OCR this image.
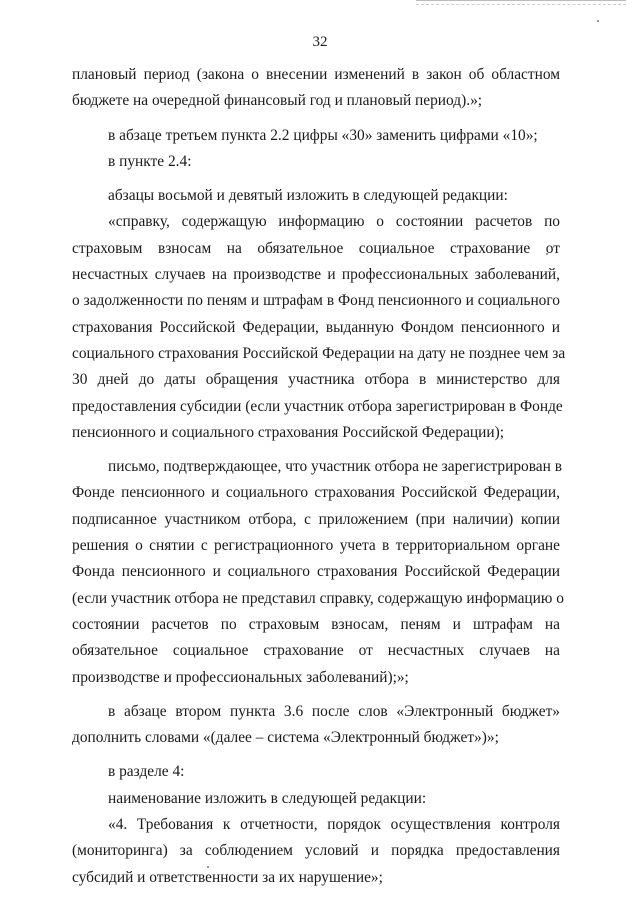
32
плановый период (закона о внесении изменений в закон об областном
бюджете на очередной финансовый год и плановый период).»;
в абзаце третьем пункта 2.2 цифры «30» заменить цифрами «10»;
в пункте 2.4:
абзацы восьмой и девятый изложить в следующей редакции:
«справку, содержащую информацию о состоянии расчетов по
страховым взносам на обязательное социальное страхование от
несчастных случаев на производстве и профессиональных заболеваний,
о задолженности по пеням и штрафам в Фонд пенсионного и социального
страхования Российской Федерации, выданную Фондом пенсионного и
социального страхования Российской Федерации на дату не позднее чем за
30 дней до даты обращения участника отбора в министерство для
предоставления субсидии (если участник отбора зарегистрирован в Фонде
пенсионного и социального страхования Российской Федерации);
письмо, подтверждающее, что участник отбора не зарегистрирован в
Фонде пенсионного и социального страхования Российской Федерации,
подписанное участником отбора, с приложением (при наличии) копии
решения о снятии с регистрационного учета в территориальном органе
Фонда пенсионного и социального страхования Российской Федерации
(если участник отбора не представил справку, содержащую информацию о
состоянии расчетов по страховым взносам, пеням и штрафам на
обязательное социальное страхование от несчастных случаев на
производстве и профессиональных заболеваний);»;
в абзаце втором пункта 3.6 после слов «Электронный бюджет»
дополнить словами «(далее – система «Электронный бюджет»)»;
в разделе 4:
наименование изложить в следующей редакции:
«4. Требования к отчетности, порядок осуществления контроля
(мониторинга) за соблюдением условий и порядка предоставления
субсидий и ответственности за их нарушение»;
